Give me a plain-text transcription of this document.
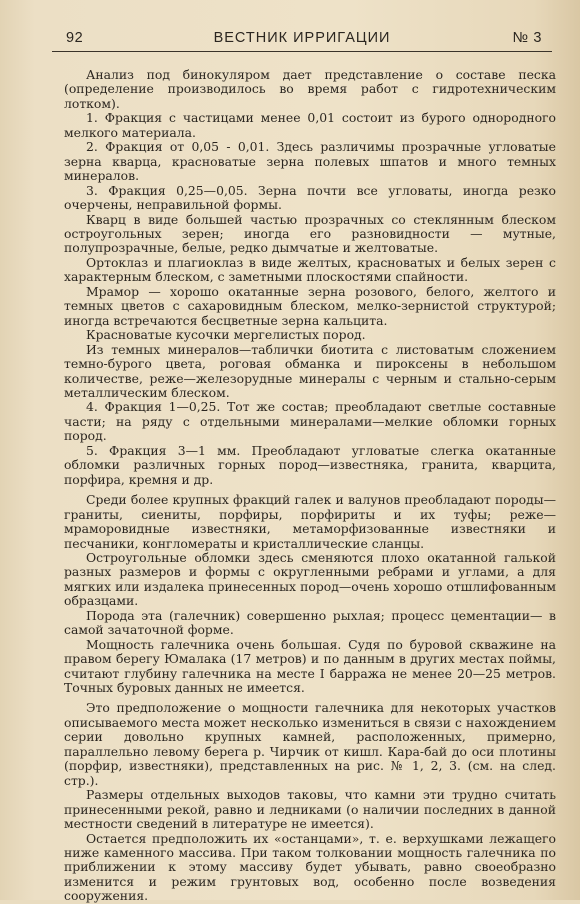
92	ВЕСТНИК ИРРИГАЦИИ	№ 3

Анализ под бинокуляром дает представление о составе песка (определение производилось во время работ с гидротехническим лотком).

1. Фракция с частицами менее 0,01 состоит из бурого однородного мелкого материала.

2. Фракция от 0,05 - 0,01. Здесь различимы прозрачные угловатые зерна кварца, красноватые зерна полевых шпатов и много темных минералов.

3. Фракция 0,25—0,05. Зерна почти все угловаты, иногда резко очерчены, неправильной формы.

Кварц в виде большей частью прозрачных со стеклянным блеском остроугольных зерен; иногда его разновидности — мутные, полупрозрачные, белые, редко дымчатые и желтоватые.

Ортоклаз и плагиоклаз в виде желтых, красноватых и белых зерен с характерным блеском, с заметными плоскостями спайности.

Мрамор — хорошо окатанные зерна розового, белого, желтого и темных цветов с сахаровидным блеском, мелко-зернистой структурой; иногда встречаются бесцветные зерна кальцита.

Красноватые кусочки мергелистых пород.

Из темных минералов—таблички биотита с листоватым сложением темно-бурого цвета, роговая обманка и пироксены в небольшом количестве, реже—железорудные минералы с черным и стально-серым металлическим блеском.

4. Фракция 1—0,25. Тот же состав; преобладают светлые составные части; на ряду с отдельными минералами—мелкие обломки горных пород.

5. Фракция 3—1 мм. Преобладают угловатые слегка окатанные обломки различных горных пород—известняка, гранита, кварцита, порфира, кремня и др.

Среди более крупных фракций галек и валунов преобладают породы— граниты, сиениты, порфиры, порфириты и их туфы; реже—мраморовидные известняки, метаморфизованные известняки и песчаники, конгломераты и кристаллические сланцы.

Остроугольные обломки здесь сменяются плохо окатанной галькой разных размеров и формы с округленными ребрами и углами, а для мягких или издалека принесенных пород—очень хорошо отшлифованным образцами.

Порода эта (галечник) совершенно рыхлая; процесс цементации— в самой зачаточной форме.

Мощность галечника очень большая. Судя по буровой скважине на правом берегу Юмалака (17 метров) и по данным в других местах поймы, считают глубину галечника на месте I барража не менее 20—25 метров. Точных буровых данных не имеется.

Это предположение о мощности галечника для некоторых участков описываемого места может несколько измениться в связи с нахождением серии довольно крупных камней, расположенных, примерно, параллельно левому берега р. Чирчик от кишл. Кара-бай до оси плотины (порфир, известняки), представленных на рис. № 1, 2, 3. (см. на след. стр.).

Размеры отдельных выходов таковы, что камни эти трудно считать принесенными рекой, равно и ледниками (о наличии последних в данной местности сведений в литературе не имеется).

Остается предположить их «останцами», т. е. верхушками лежащего ниже каменного массива. При таком толковании мощность галечника по приближении к этому массиву будет убывать, равно своеобразно изменится и режим грунтовых вод, особенно после возведения сооружения.
